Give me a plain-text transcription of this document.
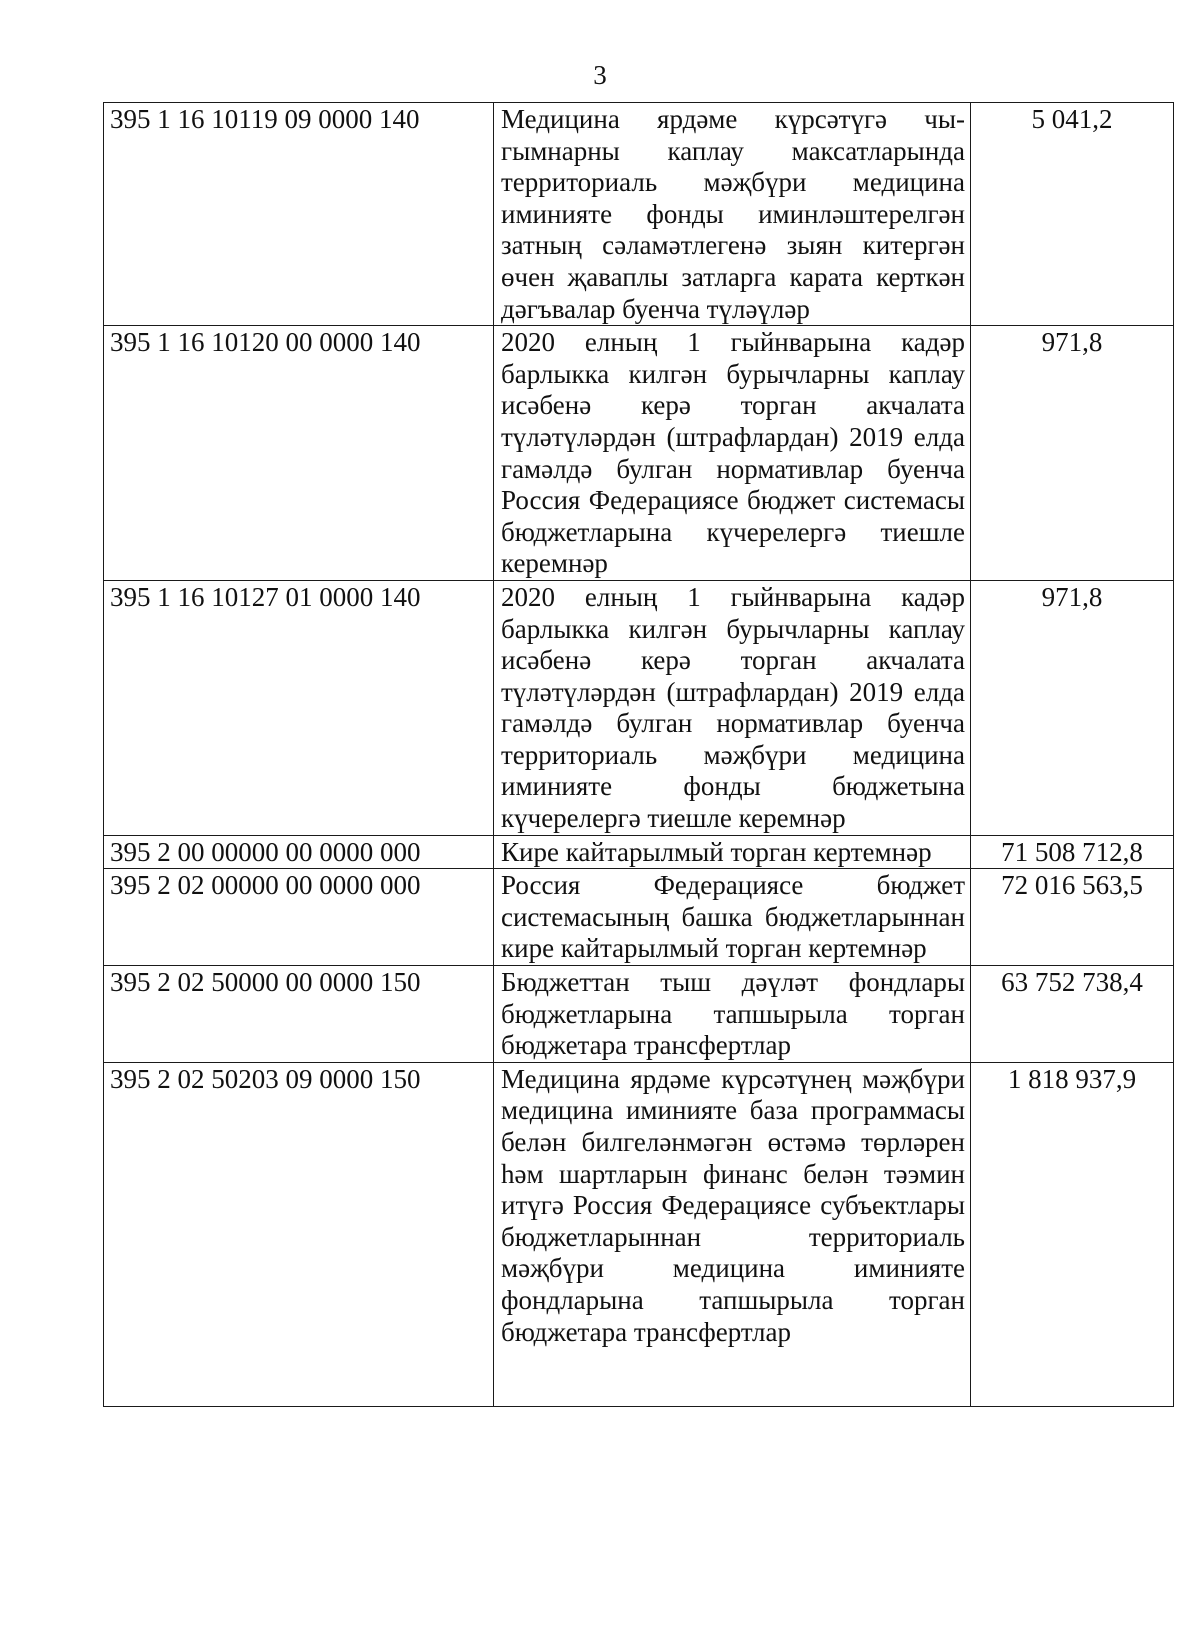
3
395 1 16 10119 09 0000 140	Медицина ярдәме күрсәтүгә чыгымнарны каплау максатларында территориаль мәҗбүри медицина иминияте фонды иминләштерелгән затның сәламәтлегенә зыян китергән өчен җаваплы затларга карата керткән дәгъвалар буенча түләүләр	5 041,2
395 1 16 10120 00 0000 140	2020 елның 1 гыйнварына кадәр барлыкка килгән бурычларны каплау исәбенә керә торган акчалата түләтүләрдән (штрафлардан) 2019 елда гамәлдә булган нормативлар буенча Россия Федерациясе бюджет системасы бюджетларына күчерелергә тиешле керемнәр	971,8
395 1 16 10127 01 0000 140	2020 елның 1 гыйнварына кадәр барлыкка килгән бурычларны каплау исәбенә керә торган акчалата түләтүләрдән (штрафлардан) 2019 елда гамәлдә булган нормативлар буенча территориаль мәҗбүри медицина иминияте фонды бюджетына күчерелергә тиешле керемнәр	971,8
395 2 00 00000 00 0000 000	Кире кайтарылмый торган кертемнәр	71 508 712,8
395 2 02 00000 00 0000 000	Россия Федерациясе бюджет системасының башка бюджетларыннан кире кайтарылмый торган кертемнәр	72 016 563,5
395 2 02 50000 00 0000 150	Бюджеттан тыш дәүләт фондлары бюджетларына тапшырыла торган бюджетара трансфертлар	63 752 738,4
395 2 02 50203 09 0000 150	Медицина ярдәме күрсәтүнең мәҗбүри медицина иминияте база программасы белән билгеләнмәгән өстәмә төрләрен һәм шартларын финанс белән тәэмин итүгә Россия Федерациясе субъектлары бюджетларыннан территориаль мәҗбүри медицина иминияте фондларына тапшырыла торган бюджетара трансфертлар	1 818 937,9
